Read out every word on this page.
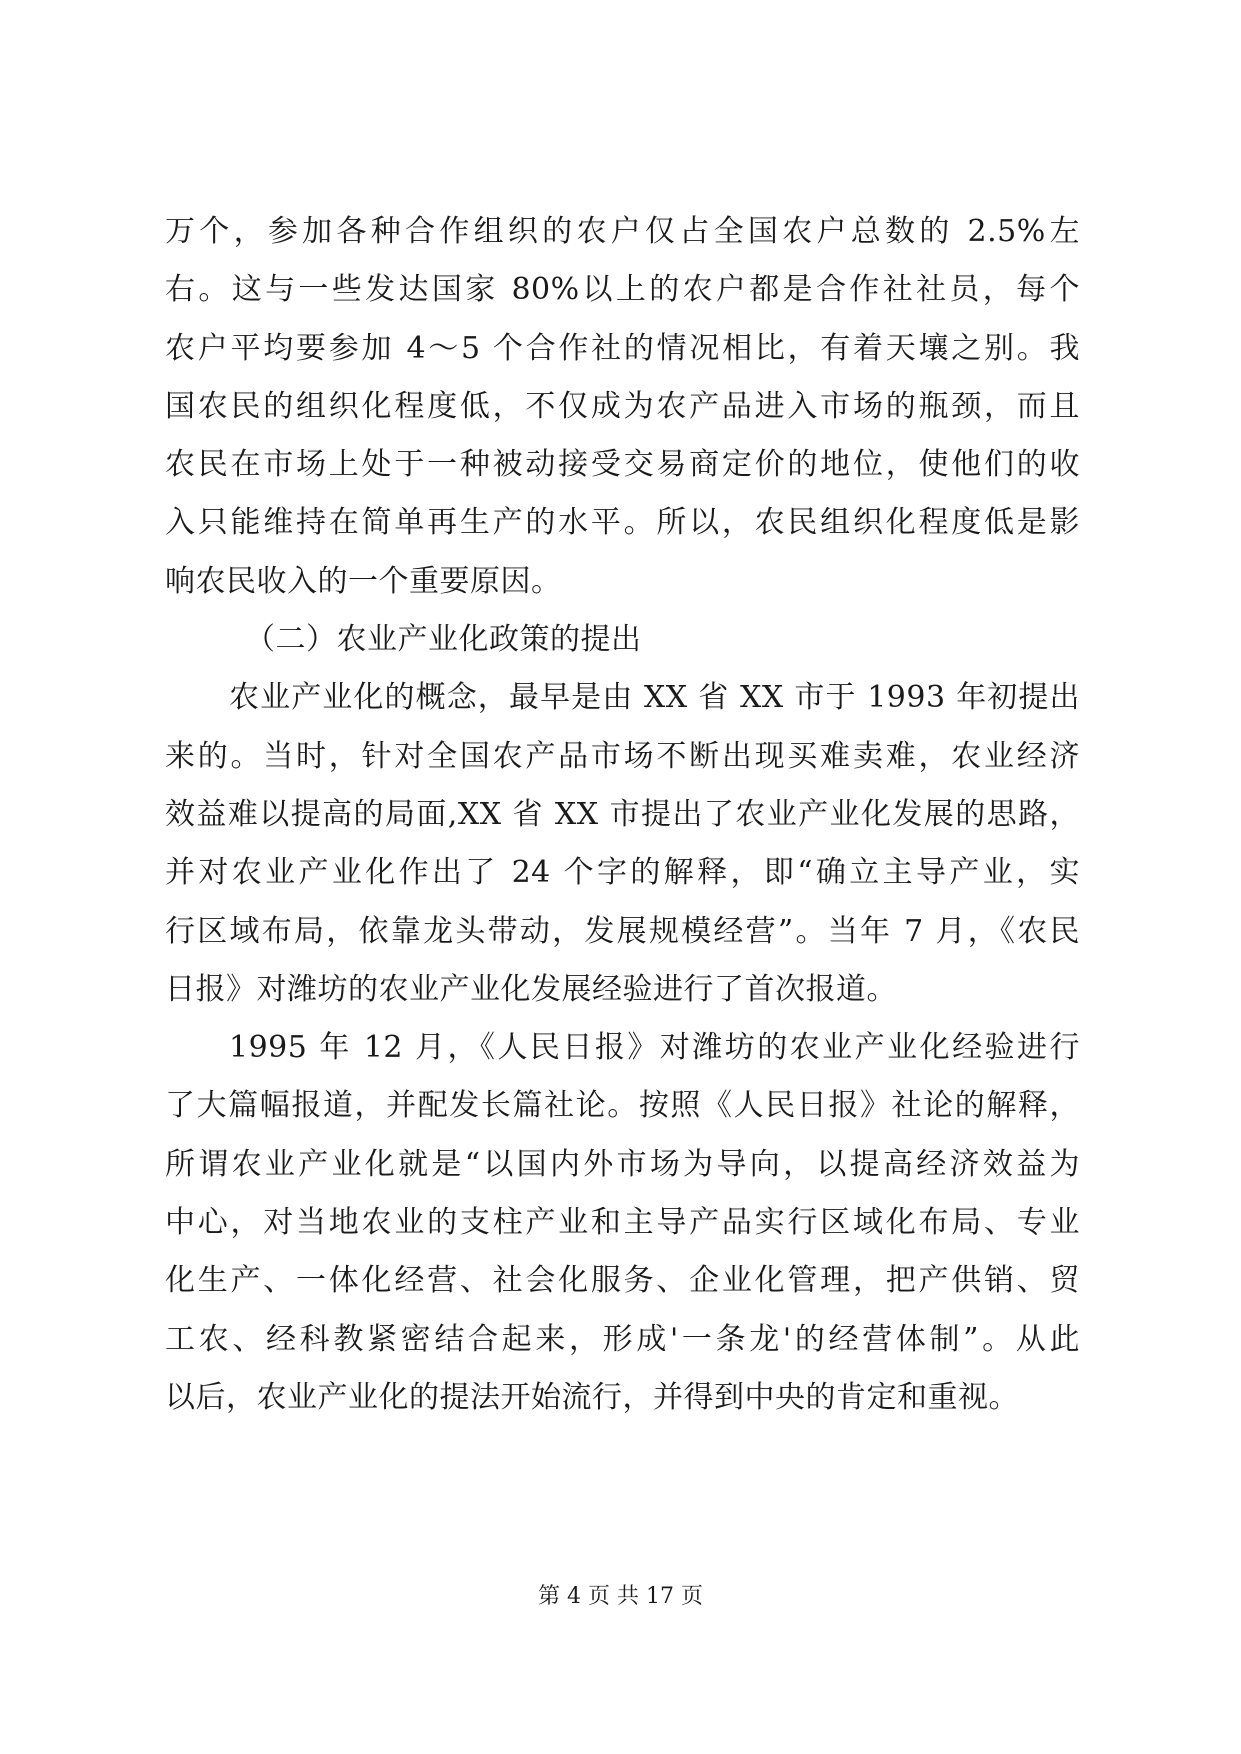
万个，参加各种合作组织的农户仅占全国农户总数的 2.5%左
右。这与一些发达国家 80%以上的农户都是合作社社员，每个
农户平均要参加 4～5 个合作社的情况相比，有着天壤之别。我
国农民的组织化程度低，不仅成为农产品进入市场的瓶颈，而且
农民在市场上处于一种被动接受交易商定价的地位，使他们的收
入只能维持在简单再生产的水平。所以，农民组织化程度低是影
响农民收入的一个重要原因。
（二）农业产业化政策的提出
农业产业化的概念，最早是由 XX 省 XX 市于 1993 年初提出
来的。当时，针对全国农产品市场不断出现买难卖难，农业经济
效益难以提高的局面,XX 省 XX 市提出了农业产业化发展的思路，
并对农业产业化作出了 24 个字的解释，即“确立主导产业，实
行区域布局，依靠龙头带动，发展规模经营”。当年 7 月，《农民
日报》对潍坊的农业产业化发展经验进行了首次报道。
1995 年 12 月，《人民日报》对潍坊的农业产业化经验进行
了大篇幅报道，并配发长篇社论。按照《人民日报》社论的解释，
所谓农业产业化就是“以国内外市场为导向，以提高经济效益为
中心，对当地农业的支柱产业和主导产品实行区域化布局、专业
化生产、一体化经营、社会化服务、企业化管理，把产供销、贸
工农、经科教紧密结合起来，形成'一条龙'的经营体制”。从此
以后，农业产业化的提法开始流行，并得到中央的肯定和重视。
第 4 页 共 17 页
